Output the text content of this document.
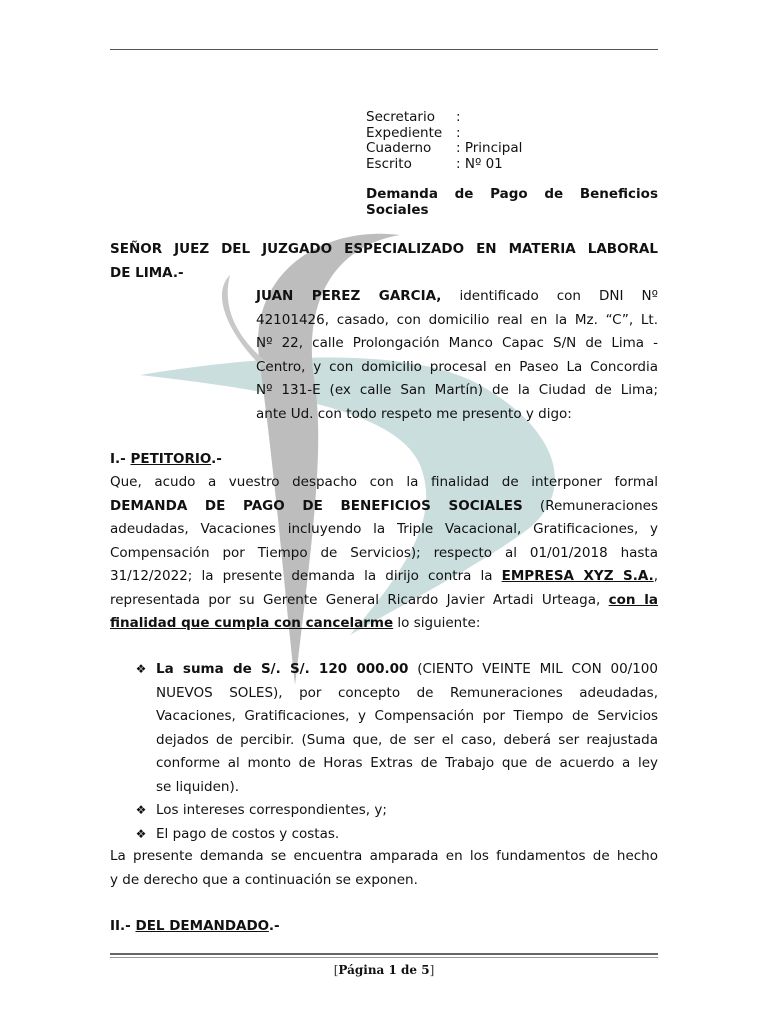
Secretario	:
Expediente	:
Cuaderno	: Principal
Escrito	: Nº 01
Demanda de Pago de Beneficios
Sociales
SEÑOR JUEZ DEL JUZGADO ESPECIALIZADO EN MATERIA LABORAL
DE LIMA.-
JUAN PEREZ GARCIA, identificado con DNI Nº
42101426, casado, con domicilio real en la Mz. “C”, Lt.
Nº 22, calle Prolongación Manco Capac S/N de Lima -
Centro, y con domicilio procesal en Paseo La Concordia
Nº 131-E (ex calle San Martín) de la Ciudad de Lima;
ante Ud. con todo respeto me presento y digo:
I.- PETITORIO.-
Que, acudo a vuestro despacho con la finalidad de interponer formal
DEMANDA DE PAGO DE BENEFICIOS SOCIALES (Remuneraciones
adeudadas, Vacaciones incluyendo la Triple Vacacional, Gratificaciones, y
Compensación por Tiempo de Servicios); respecto al 01/01/2018 hasta
31/12/2022; la presente demanda la dirijo contra la EMPRESA XYZ S.A.,
representada por su Gerente General Ricardo Javier Artadi Urteaga, con la
finalidad que cumpla con cancelarme lo siguiente:
❖ La suma de S/. S/. 120 000.00 (CIENTO VEINTE MIL CON 00/100
NUEVOS SOLES), por concepto de Remuneraciones adeudadas,
Vacaciones, Gratificaciones, y Compensación por Tiempo de Servicios
dejados de percibir. (Suma que, de ser el caso, deberá ser reajustada
conforme al monto de Horas Extras de Trabajo que de acuerdo a ley
se liquiden).
❖ Los intereses correspondientes, y;
❖ El pago de costos y costas.
La presente demanda se encuentra amparada en los fundamentos de hecho
y de derecho que a continuación se exponen.
II.- DEL DEMANDADO.-
[Página 1 de 5]
